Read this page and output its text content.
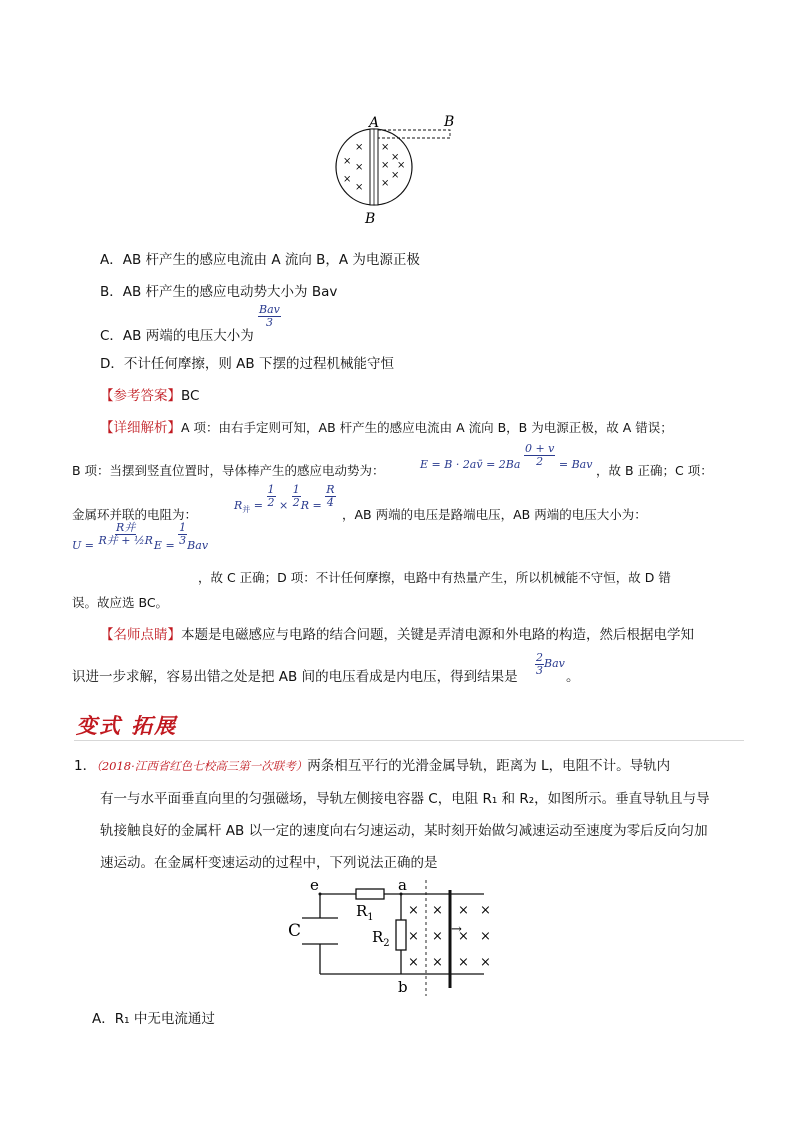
A	B
B
×
×
×
×
×
×
×
×
×
×
×
A．AB 杆产生的感应电流由 A 流向 B，A 为电源正极
B．AB 杆产生的感应电动势大小为 Bav
C．AB 两端的电压大小为
$\frac{\text{Bav}}{3}$
D．不计任何摩擦，则 AB 下摆的过程机械能守恒
【参考答案】BC
【详细解析】A 项：由右手定则可知，AB 杆产生的感应电流由 A 流向 B，B 为电源正极，故 A 错误；
B 项：当摆到竖直位置时，导体棒产生的感应电动势为：	E = B · 2av̄ = $2Ba \frac{0 + v}{2}$ = Bav ，故 B 正确；C 项：
金属环并联的电阻为：
$R_并 = \frac{1}{2} \times \frac{1}{2}$ $R = \frac{R}{4}$
，AB 两端的电压是路端电压，AB 两端的电压大小为：
$U = \frac{\text{R并}}{\text{R并 + ½R}}$ $E = \frac{1}{3}$ Bav
，故 C 正确；D 项：不计任何摩擦，电路中有热量产生，所以机械能不守恒，故 D 错
误。故应选 BC。
【名师点睛】本题是电磁感应与电路的结合问题，关键是弄清电源和外电路的构造，然后根据电学知
识进一步求解，容易出错之处是把 AB 间的电压看成是内电压，得到结果是
$\frac{2}{3}$ Bav
。
变式 拓展
1．（2018·江西省红色七校高三第一次联考）两条相互平行的光滑金属导轨，距离为 L，电阻不计。导轨内
有一与水平面垂直向里的匀强磁场，导轨左侧接电容器 C，电阻 R₁ 和 R₂，如图所示。垂直导轨且与导
轨接触良好的金属杆 AB 以一定的速度向右匀速运动，某时刻开始做匀减速运动至速度为零后反向匀加
速运动。在金属杆变速运动的过程中，下列说法正确的是
e	a
b
C
$R_1$
$R_2$
×
×
×
×
×
×
×
×
×
×
×
×
→
A．R₁ 中无电流通过
